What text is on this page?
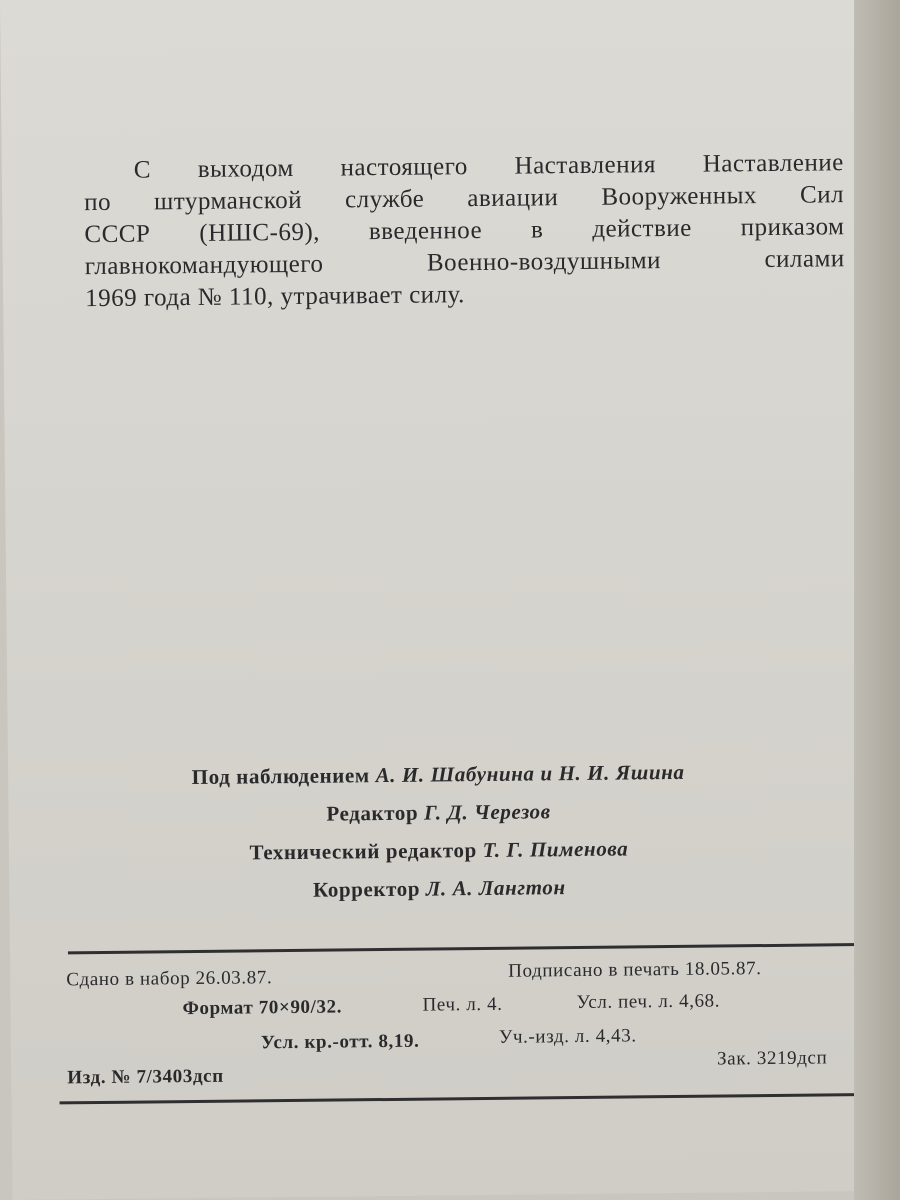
С выходом настоящего Наставления Наставление
по штурманской службе авиации Вооруженных Сил
СССР (НШС-69), введенное в действие приказом
главнокомандующего	Военно-воздушными	силами
1969 года № 110, утрачивает силу.
Под наблюдением А. И. Шабунина и Н. И. Яшина
Редактор Г. Д. Черезов
Технический редактор Т. Г. Пименова
Корректор Л. А. Лангтон
Сдано в набор 26.03.87.	Подписано в печать 18.05.87.
Формат 70×90/32.	Печ. л. 4.	Усл. печ. л. 4,68.
Усл. кр.-отт. 8,19.	Уч.-изд. л. 4,43.
Изд. № 7/3403дсп
Зак. 3219дсп
